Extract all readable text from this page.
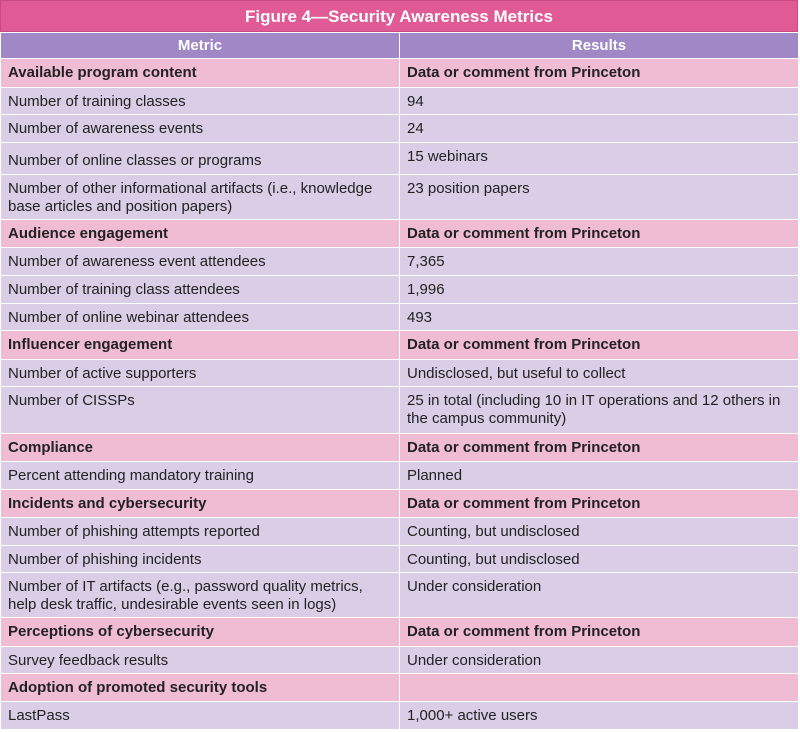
Figure 4—Security Awareness Metrics
Metric	Results
Available program content	Data or comment from Princeton
Number of training classes	94
Number of awareness events	24
Number of online classes or programs	15 webinars
Number of other informational artifacts (i.e., knowledge base articles and position papers)	23 position papers
Audience engagement	Data or comment from Princeton
Number of awareness event attendees	7,365
Number of training class attendees	1,996
Number of online webinar attendees	493
Influencer engagement	Data or comment from Princeton
Number of active supporters	Undisclosed, but useful to collect
Number of CISSPs	25 in total (including 10 in IT operations and 12 others in the campus community)
Compliance	Data or comment from Princeton
Percent attending mandatory training	Planned
Incidents and cybersecurity	Data or comment from Princeton
Number of phishing attempts reported	Counting, but undisclosed
Number of phishing incidents	Counting, but undisclosed
Number of IT artifacts (e.g., password quality metrics, help desk traffic, undesirable events seen in logs)	Under consideration
Perceptions of cybersecurity	Data or comment from Princeton
Survey feedback results	Under consideration
Adoption of promoted security tools	
LastPass	1,000+ active users
